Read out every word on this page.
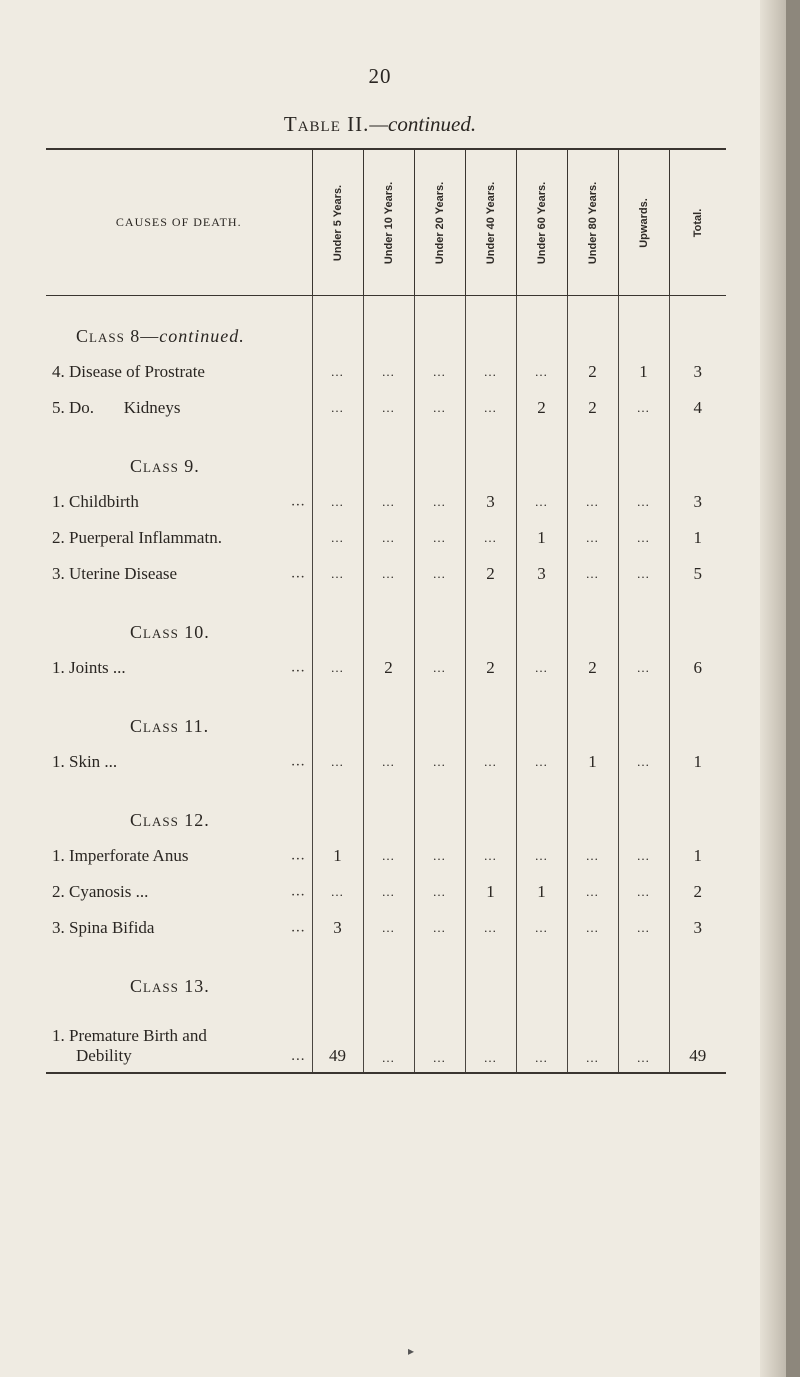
20
Table II.—continued.
CAUSES OF DEATH.	Under 5 Years.	Under 10 Years.	Under 20 Years.	Under 40 Years.	Under 60 Years.	Under 80 Years.	Upwards.	Total.

Class 8—continued.								
4. Disease of Prostrate	...	...	...	...	...	2	1	3
5. Do.       Kidneys	...	...	...	...	2	2	...	4

Class 9.								
1. Childbirth ...	...	...	...	3	...	...	...	3
2. Puerperal Inflammatn.	...	...	...	...	1	...	...	1
3. Uterine Disease ...	...	...	...	2	3	...	...	5

Class 10.								
1. Joints ... ...	...	2	...	2	...	2	...	6

Class 11.								
1. Skin ... ...	...	...	...	...	...	1	...	1

Class 12.								
1. Imperforate Anus ...	1	...	...	...	...	...	...	1
2. Cyanosis ... ...	...	...	...	1	1	...	...	2
3. Spina Bifida ...	3	...	...	...	...	...	...	3

Class 13.								

1. Premature Birth and
Debility ...	49	...	...	...	...	...	...	49
▸
